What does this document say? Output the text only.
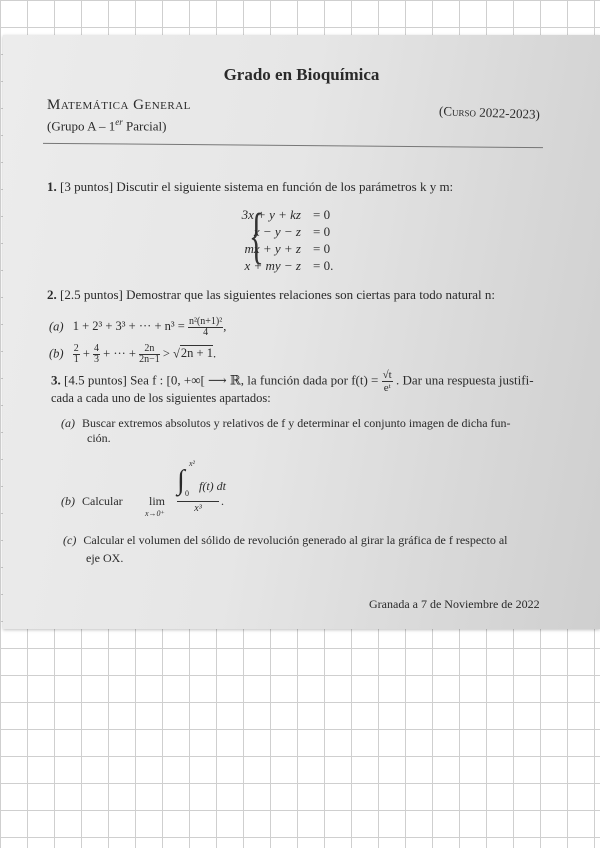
Grado en Bioquímica
Matemática General
(Grupo A – 1er Parcial)
(Curso 2022-2023)
1. [3 puntos] Discutir el siguiente sistema en función de los parámetros k y m:
{
3x + y + kz = 0
x − y − z = 0
mx + y + z = 0
x + my − z = 0.
2. [2.5 puntos] Demostrar que las siguientes relaciones son ciertas para todo natural n:
(a) 1 + 2³ + 3³ + ··· + $n^3 = \frac{\text{n²(n+1)²}}{4}$ ,
$(b) \frac{2}{1} + \frac{4}{3}$ + ··· + $\frac{2n}{2n-1} > √2n + 1$.
3. [4.5 puntos] Sea f : [0, +∞[ ⟶ ℝ, la función dada por $f(t) = \frac{√t}{\text{eᵗ}}$ . Dar una respuesta justifi-
cada a cada uno de los siguientes apartados:
(a) Buscar extremos absolutos y relativos de f y determinar el conjunto imagen de dicha fun-
ción.
(b) Calcular lim
x→0⁺
∫
x²
0
f(t) dt
x³
.
(c) Calcular el volumen del sólido de revolución generado al girar la gráfica de f respecto al
eje OX.
Granada a 7 de Noviembre de 2022
